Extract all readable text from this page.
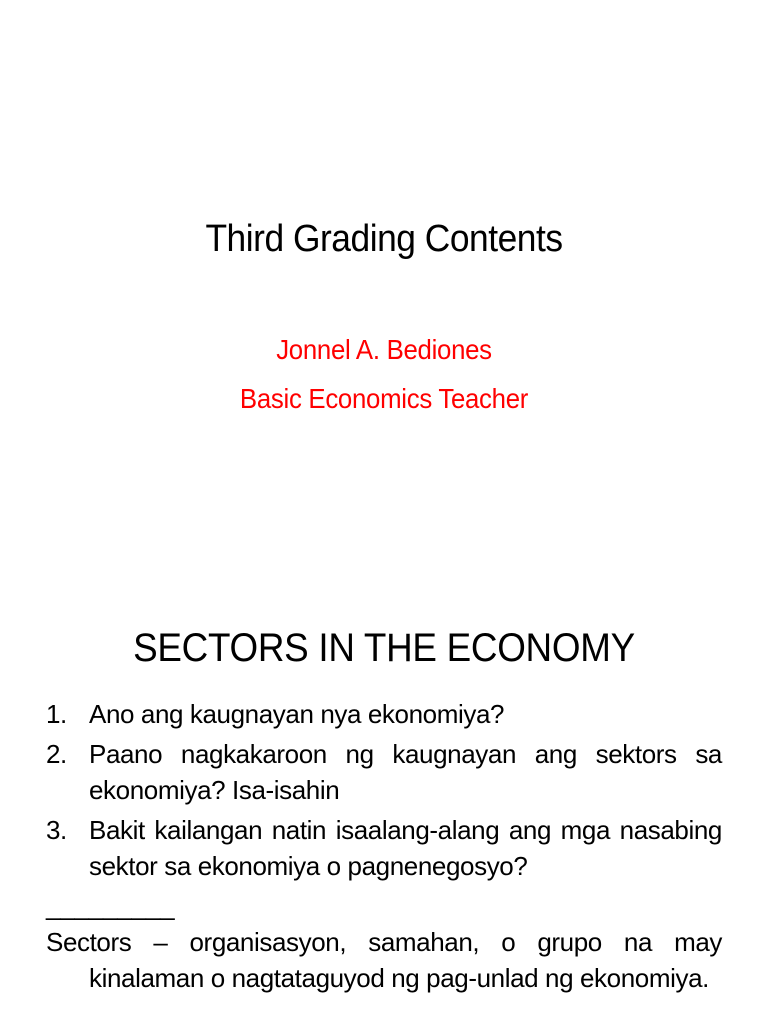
Third Grading Contents
Jonnel A. Bediones
Basic Economics Teacher
SECTORS IN THE ECONOMY
1. Ano ang kaugnayan nya ekonomiya?
2. Paano nagkakaroon ng kaugnayan ang sektors sa ekonomiya? Isa-isahin
3. Bakit kailangan natin isaalang-alang ang mga nasabing sektor sa ekonomiya o pagnenegosyo?
_________
Sectors – organisasyon, samahan, o grupo na may kinalaman o nagtataguyod ng pag-unlad ng ekonomiya.
